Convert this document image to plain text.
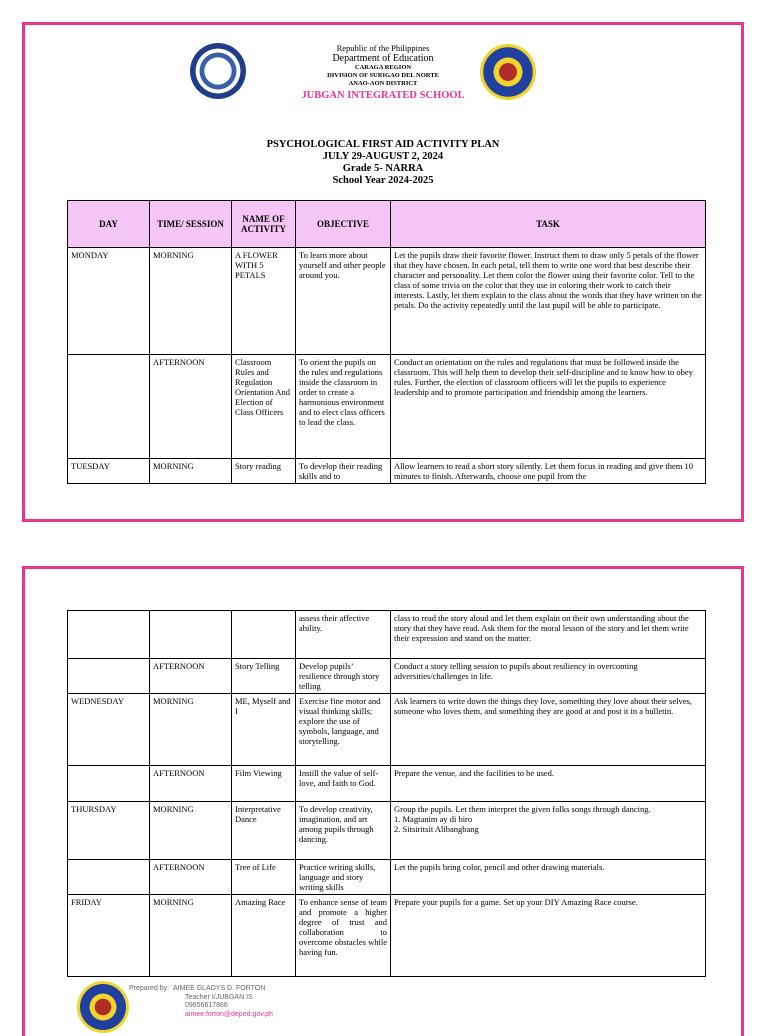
Republic of the Philippines
Department of Education
CARAGA REGION
DIVISION OF SURIGAO DEL NORTE
ANAO-AON DISTRICT
JUBGAN INTEGRATED SCHOOL
PSYCHOLOGICAL FIRST AID ACTIVITY PLAN
JULY 29-AUGUST 2, 2024
Grade 5- NARRA
School Year 2024-2025
DAY	TIME/ SESSION	NAME OF ACTIVITY	OBJECTIVE	TASK
MONDAY	MORNING	A FLOWER WITH 5 PETALS	To learn more about yourself and other people around you.	Let the pupils draw their favorite flower. Instruct them to draw only 5 petals of the flower that they have chosen. In each petal, tell them to write one word that best describe their character and personality. Let them color the flower using their favorite color. Tell to the class of some trivia on the color that they use in coloring their work to catch their interests. Lastly, let them explain to the class about the words that they have written on the petals. Do the activity repeatedly until the last pupil will be able to participate.
	AFTERNOON	Classroom Rules and Regulation Orientation And Election of Class Officers	To orient the pupils on the rules and regulations inside the classroom in order to create a harmonious environment and to elect class officers to lead the class.	Conduct an orientation on the rules and regulations that must be followed inside the classroom. This will help them to develop their self-discipline and to know how to obey rules. Further, the election of classroom officers will let the pupils to experience leadership and to promote participation and friendship among the learners.
TUESDAY	MORNING	Story reading	To develop their reading skills and to	Allow learners to read a short story silently. Let them focus in reading and give them 10 minutes to finish. Afterwards, choose one pupil from the
			assess their affective ability.	class to read the story aloud and let them explain on their own understanding about the story that they have read. Ask them for the moral lesson of the story and let them write their expression and stand on the matter.
	AFTERNOON	Story Telling	Develop pupils’ resilience through story telling	Conduct a story telling session to pupils about resiliency in overcoming adversities/challenges in life.
WEDNESDAY	MORNING	ME, Myself and I	Exercise fine motor and visual thinking skills; explore the use of symbols, language, and storytelling.	Ask learners to write down the things they love, something they love about their selves, someone who loves them, and something they are good at and post it in a bulletin.
	AFTERNOON	Film Viewing	Instill the value of self-love, and faith to God.	Prepare the venue, and the facilities to be used.
THURSDAY	MORNING	Interpretative Dance	To develop creativity, imagination, and art among pupils through dancing.	Group the pupils. Let them interpret the given folks songs through dancing.
1. Magtanim ay di biro
2. Sitsiritsit Alibangbang

	AFTERNOON	Tree of Life	Practice writing skills, language and story writing skills	Let the pupils bring color, pencil and other drawing materials.
FRIDAY	MORNING	Amazing Race	To enhance sense of team and promote a higher degree of trust and collaboration to overcome obstacles while having fun.	Prepare your pupils for a game. Set up your DIY Amazing Race course.
Prepared by: AIMEE GLADYS D. FORTON
Teacher I/JUBGAN IS
09656617866
aimee.forton@deped.gov.ph
